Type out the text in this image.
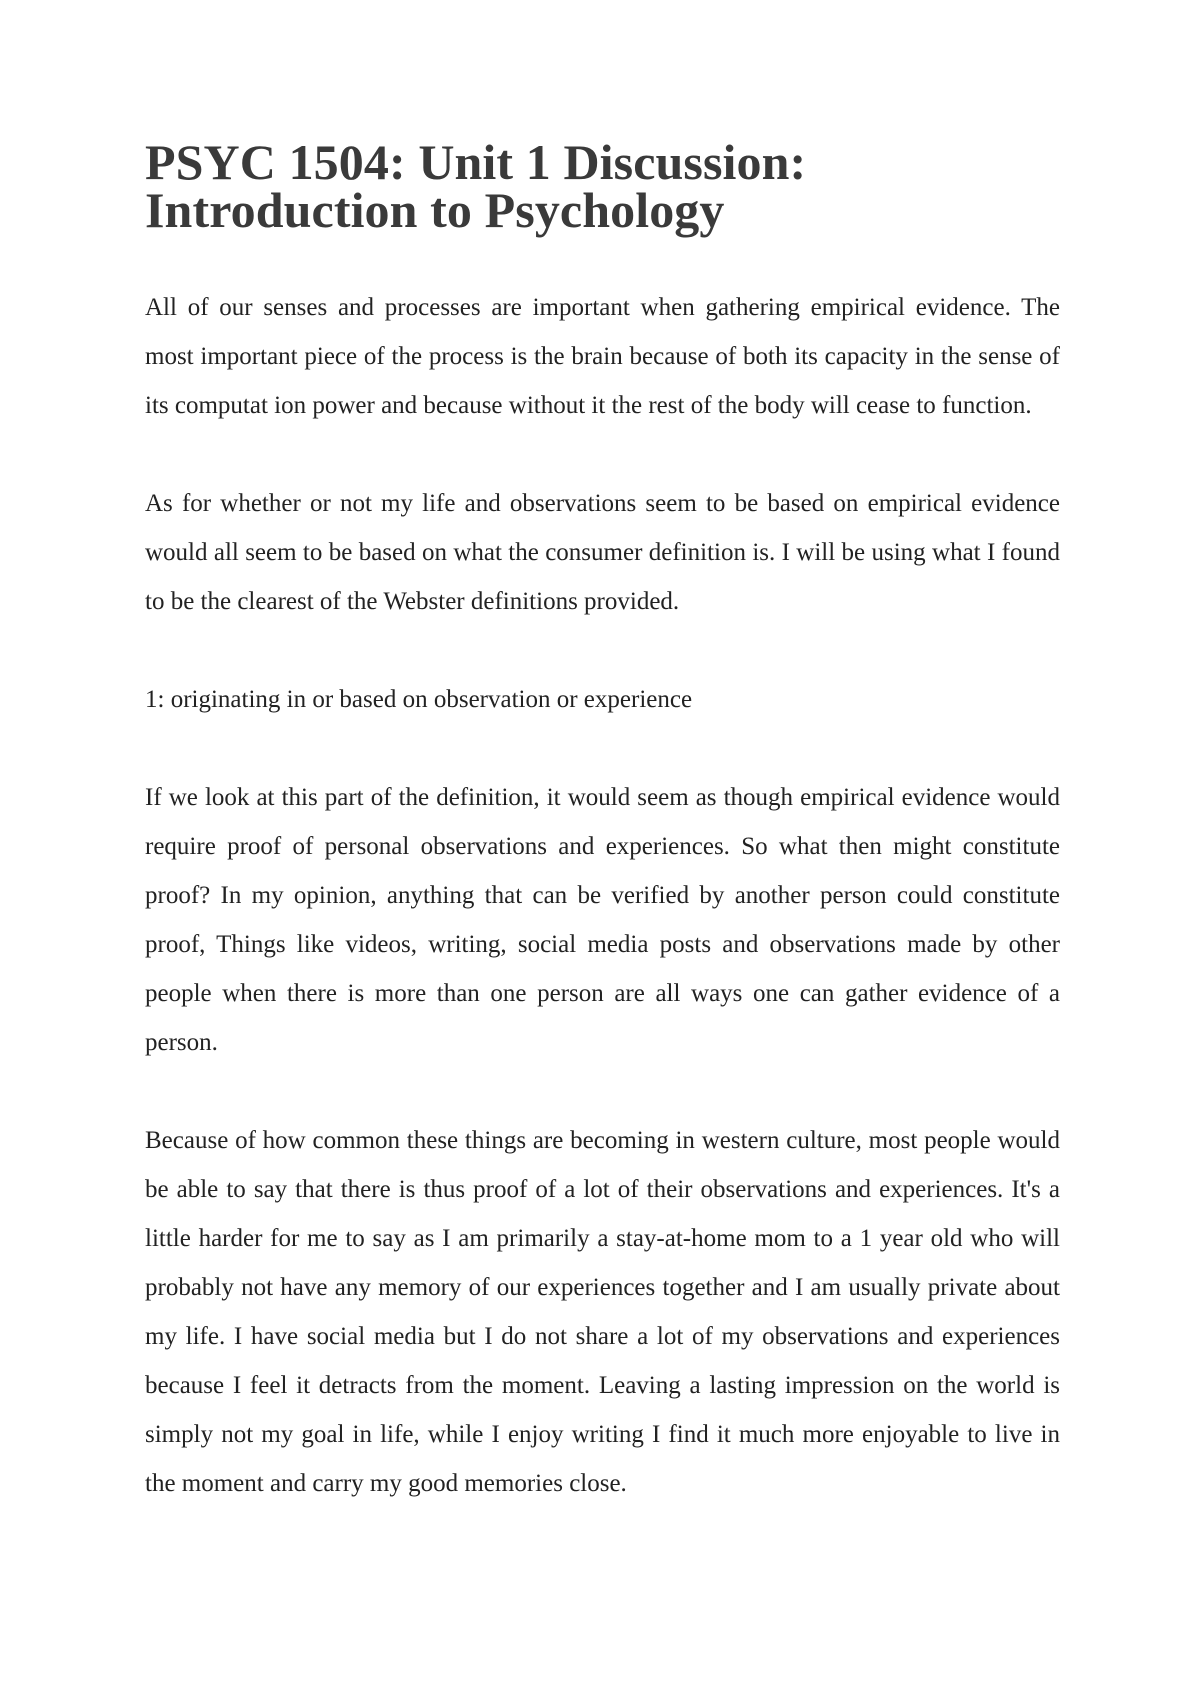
PSYC 1504: Unit 1 Discussion: Introduction to Psychology

All of our senses and processes are important when gathering empirical evidence. The most important piece of the process is the brain because of both its capacity in the sense of its computat ion power and because without it the rest of the body will cease to function.

As for whether or not my life and observations seem to be based on empirical evidence would all seem to be based on what the consumer definition is. I will be using what I found to be the clearest of the Webster definitions provided.

1: originating in or based on observation or experience

If we look at this part of the definition, it would seem as though empirical evidence would require proof of personal observations and experiences. So what then might constitute proof? In my opinion, anything that can be verified by another person could constitute proof, Things like videos, writing, social media posts and observations made by other people when there is more than one person are all ways one can gather evidence of a person.

Because of how common these things are becoming in western culture, most people would be able to say that there is thus proof of a lot of their observations and experiences. It's a little harder for me to say as I am primarily a stay-at-home mom to a 1 year old who will probably not have any memory of our experiences together and I am usually private about my life. I have social media but I do not share a lot of my observations and experiences because I feel it detracts from the moment. Leaving a lasting impression on the world is simply not my goal in life, while I enjoy writing I find it much more enjoyable to live in the moment and carry my good memories close.
